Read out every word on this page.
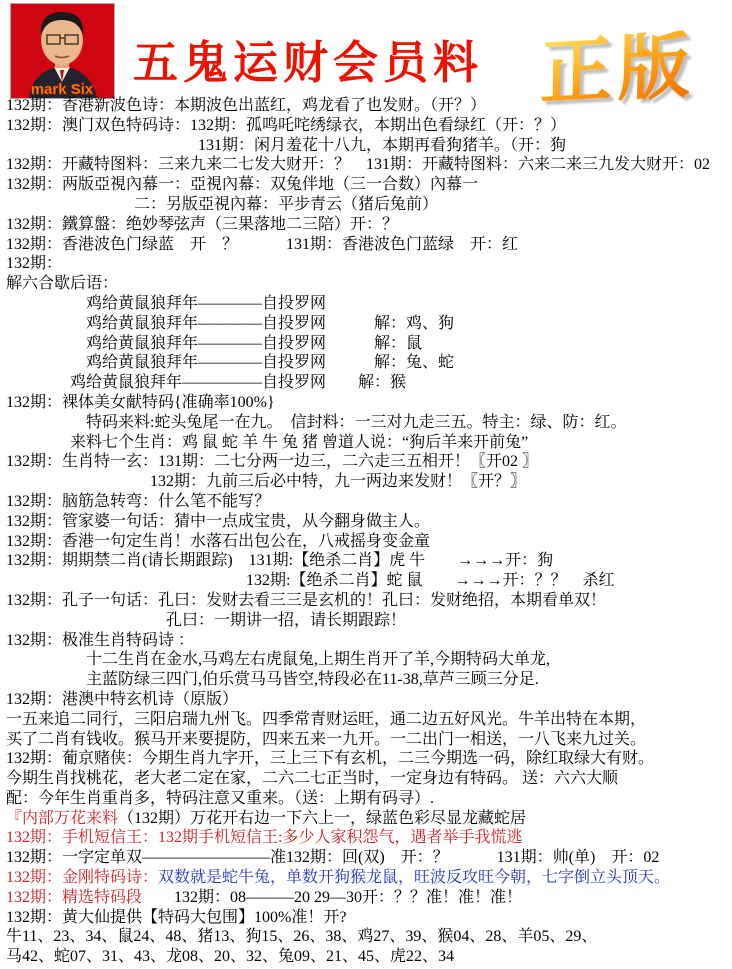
mark Six
五鬼运财会员料 正版
132期：香港新波色诗：本期波色出蓝红，鸡龙看了也发财。（开？）
132期：澳门双色特码诗：132期：孤鸣吒咤绣绿衣，本期出色看绿红（开：？）
131期：闲月羞花十八九，本期再看狗猪羊。（开：狗
132期：开藏特图料：三来九来二七发大财开：？　131期：开藏特图料：六来二来三九发大财开：02
132期：两版亞視內幕一：亞視內幕：双兔伴地（三一合数）內幕一
二：另版亞視內幕：平步青云（猪后兔前）
132期：鐵算盤：绝妙琴弦声（三果落地二三陪）开：？
132期：香港波色门绿蓝　开　？　　　131期：香港波色门蓝绿　开：红
132期：
解六合歇后语：
鸡给黄鼠狼拜年————自投罗网
鸡给黄鼠狼拜年————自投罗网　　　解：鸡、狗
鸡给黄鼠狼拜年————自投罗网　　　解：鼠
鸡给黄鼠狼拜年————自投罗网　　　解：兔、蛇
鸡给黄鼠狼拜年—————自投罗网　　解：猴
132期：裸体美女献特码{准确率100%}
特码来料:蛇头兔尾一在九。　信封料：一三对九走三五。特主：绿、防：红。
来料七个生肖：鸡 鼠 蛇 羊 牛 兔 猪 曾道人说：“狗后羊来开前兔”
132期：生肖特一玄：131期：二七分两一边三，二六走三五相开！〖开02 〗
132期：九前三后必中特，九一两边来发财！〖开？〗
132期：脑筋急转弯：什么笔不能写？
132期：管家婆一句话：猜中一点成宝贵，从今翻身做主人。
132期：香港一句定生肖！水落石出包公在，八戒摇身变金童
132期：期期禁二肖(请长期跟踪)　131期:【绝杀二肖】虎 牛　　→→→开：狗
132期:【绝杀二肖】蛇 鼠　　→→→开：？？　杀红
132期：孔子一句话：孔曰：发财去看三三是玄机的！孔曰：发财绝招，本期看单双！
孔曰：一期讲一招，请长期跟踪！
132期：极准生肖特码诗 ：
十二生肖在金水,马鸡左右虎鼠兔,上期生肖开了羊,今期特码大单龙,
主蓝防绿三四门,伯乐赏马马皆空,特段必在11-38,草芦三顾三分足.
132期：港澳中特玄机诗（原版）
一五来追二同行，三阳启瑞九州飞。四季常青财运旺，通二边五好风光。牛羊出特在本期，
买了二肖有钱收。猴马开来要提防，四来五来一九开。一二出门一相送，一八飞来九过关。
132期：葡京赌侠：今期生肖九字开，三上三下有玄机，二三今期选一码，除红取绿大有财。
今期生肖找桃花，老大老二定在家，二六二七正当时，一定身边有特码。 送：六六大顺
配：今年生肖重肖多，特码注意又重来。（送：上期有码寻）.
『内部万花来料（132期）万花开右边一下六上一，绿蓝色彩尽显龙藏蛇居
132期：手机短信王：132期手机短信王:多少人家积怨气，遇者举手我慌逃
132期：一字定单双————————准132期：回(双)　开：？　　　131期：帅(单)　开：02
132期：金刚特码诗：双数就是蛇牛兔，单数开狗猴龙鼠，旺波反攻旺今朝，七字倒立头顶天。
132期：精选特码段　　132期：08———20 29—30开：？？准！准！准！
132期：黄大仙提供【特码大包围】100%准！开?
牛11、23、34、鼠24、48、猪13、狗15、26、38、鸡27、39、猴04、28、羊05、29、
马42、蛇07、31、43、龙08、20、32、兔09、21、45、虎22、34
